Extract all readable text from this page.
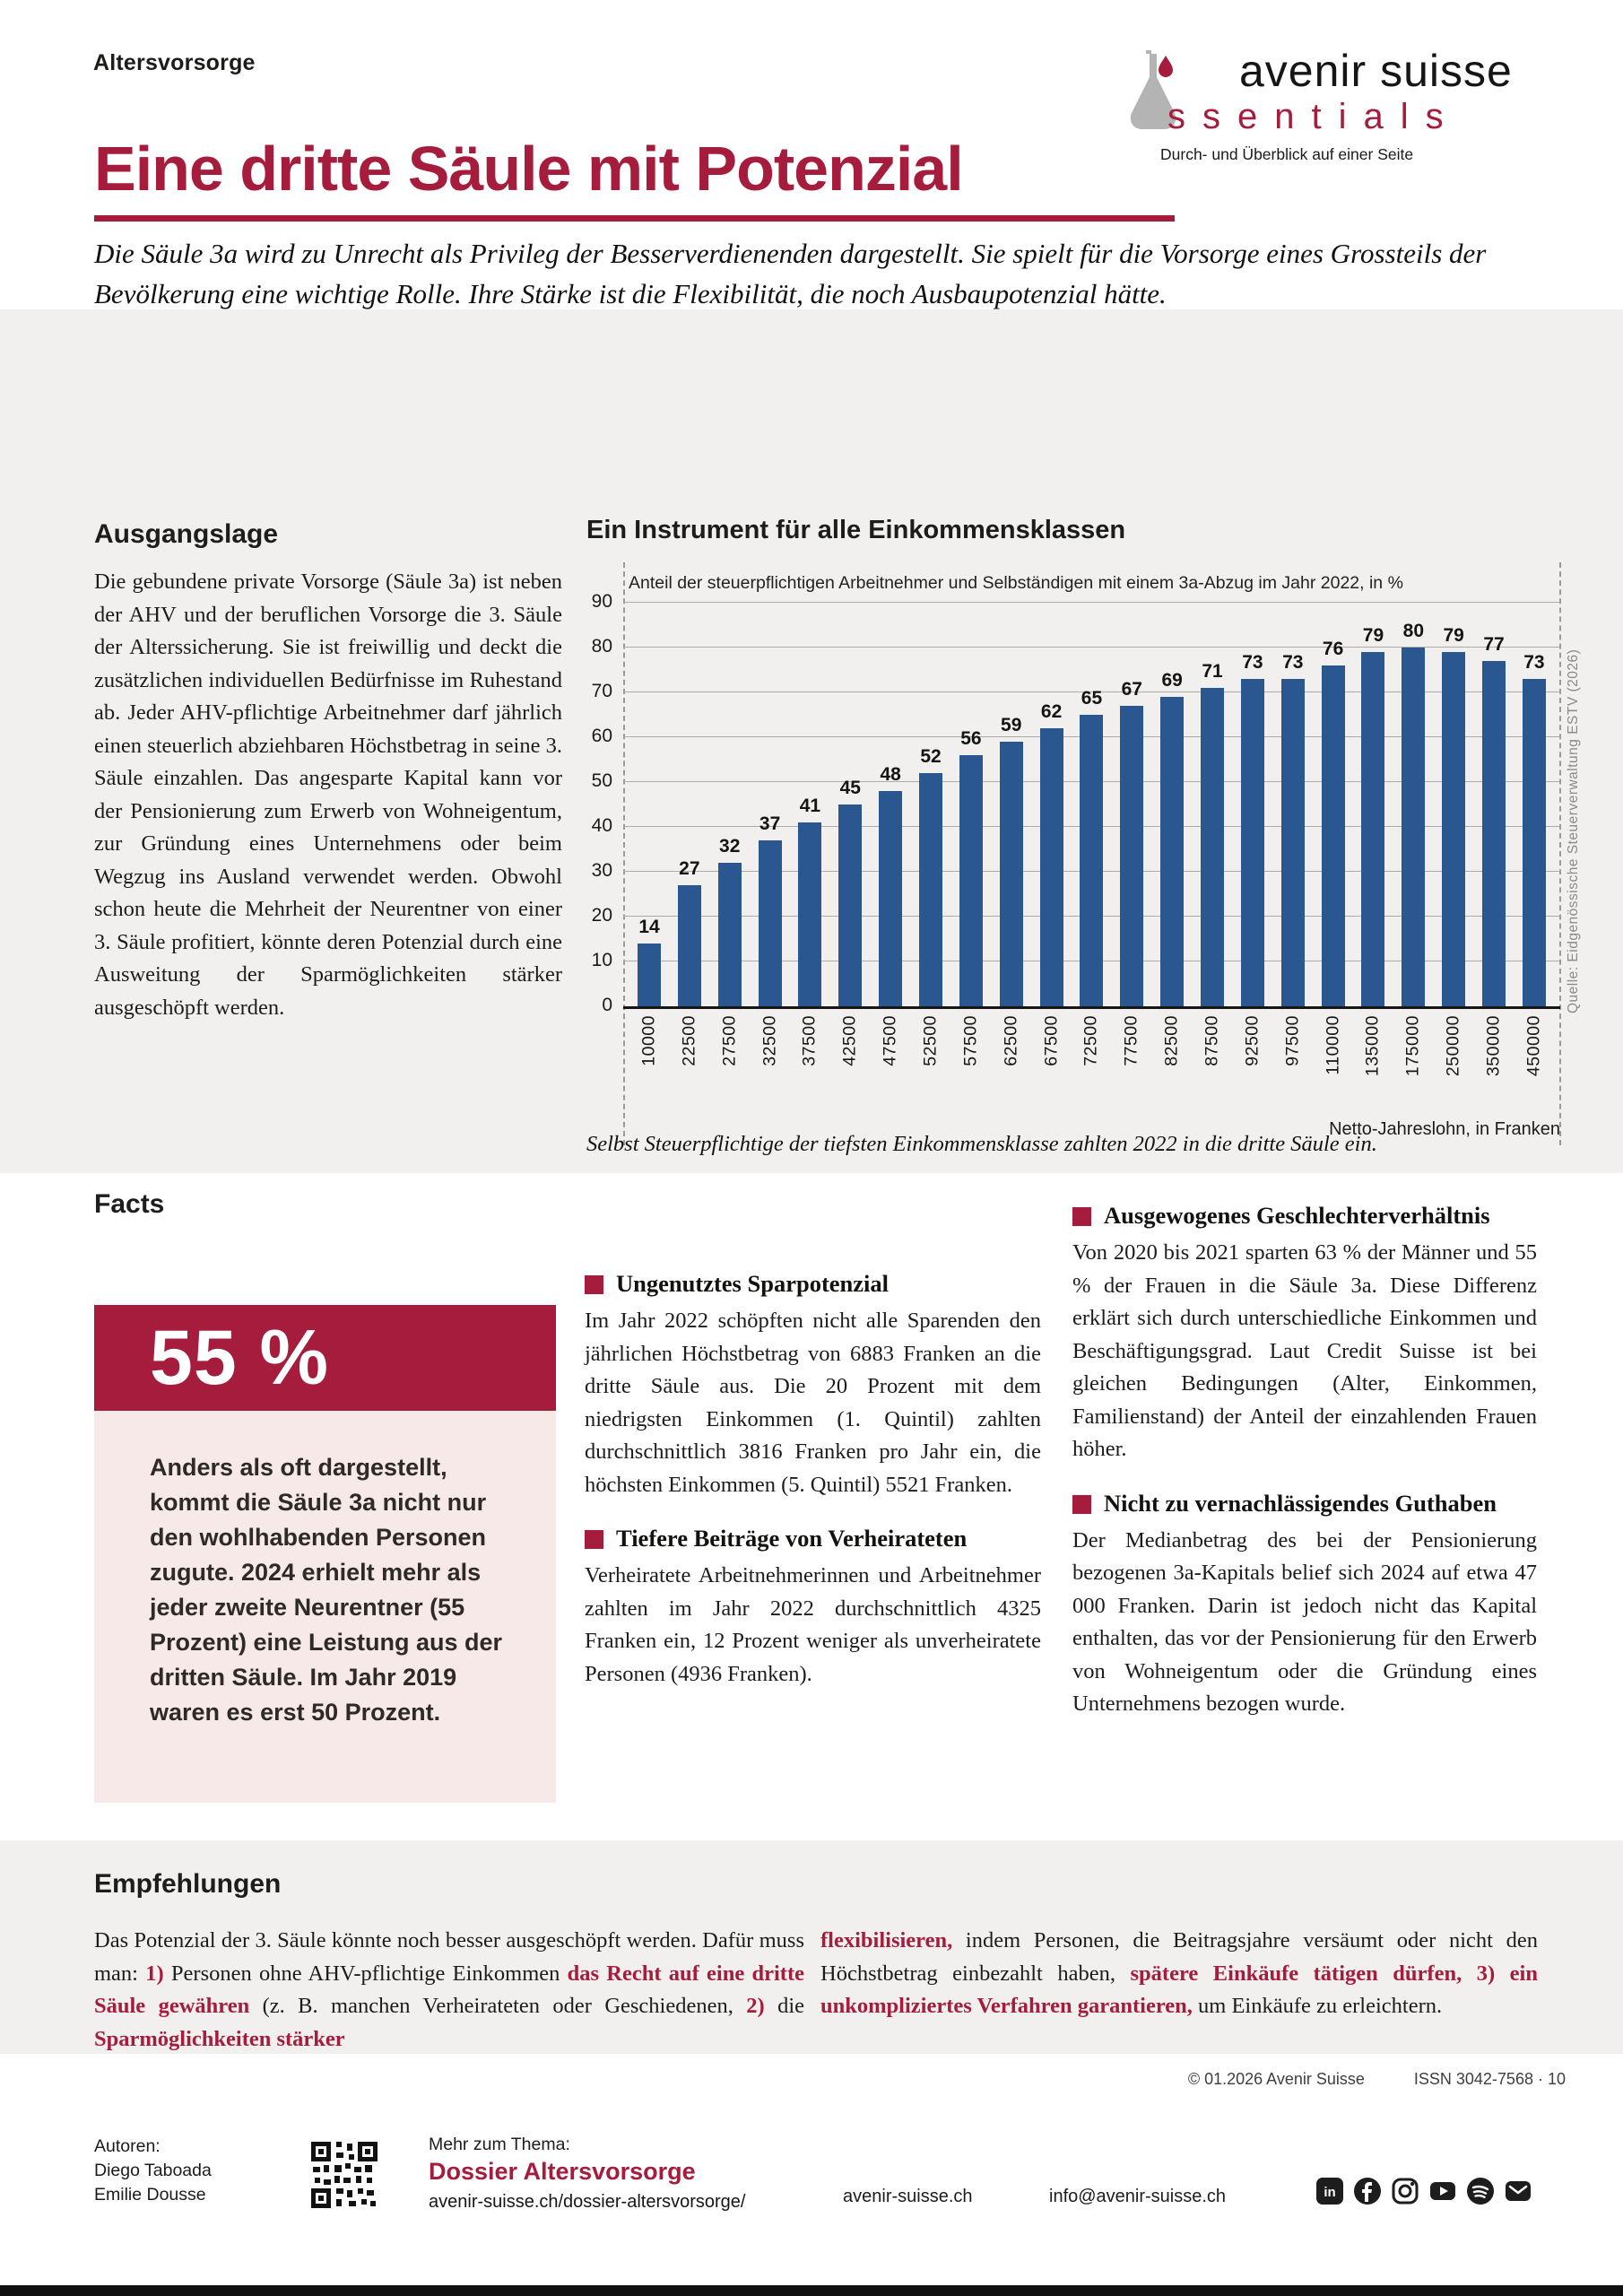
Altersvorsorge	avenir suisse
ssentials
Durch- und Überblick auf einer Seite
Eine dritte Säule mit Potenzial

Die Säule 3a wird zu Unrecht als Privileg der Besserverdienenden dargestellt. Sie spielt für die Vorsorge eines Grossteils der Bevölkerung eine wichtige Rolle. Ihre Stärke ist die Flexibilität, die noch Ausbaupotenzial hätte.

Ausgangslage

Die gebundene private Vorsorge (Säule 3a) ist neben der AHV und der beruflichen Vorsorge die 3. Säule der Alterssicherung. Sie ist freiwillig und deckt die zusätzlichen individuellen Bedürfnisse im Ruhestand ab. Jeder AHV-pflichtige Arbeitnehmer darf jährlich einen steuerlich abziehbaren Höchstbetrag in seine 3. Säule einzahlen. Das angesparte Kapital kann vor der Pensionierung zum Erwerb von Wohneigentum, zur Gründung eines Unternehmens oder beim Wegzug ins Ausland verwendet werden. Obwohl schon heute die Mehrheit der Neurentner von einer 3. Säule profitiert, könnte deren Potenzial durch eine Ausweitung der Sparmöglichkeiten stärker ausgeschöpft werden.

Ein Instrument für alle Einkommensklassen
Anteil der steuerpflichtigen Arbeitnehmer und Selbständigen mit einem 3a-Abzug im Jahr 2022, in %
0
10
20
30
40
50
60
70
80
90
14
10000
27
22500
32
27500
37
32500
41
37500
45
42500
48
47500
52
52500
56
57500
59
62500
62
67500
65
72500
67
77500
69
82500
71
87500
73
92500
73
97500
76
110000
79
135000
80
175000
79
250000
77
350000
73
450000
Netto-Jahreslohn, in Franken
Quelle: Eidgenössische Steuerverwaltung ESTV (2026)

Selbst Steuerpflichtige der tiefsten Einkommensklasse zahlten 2022 in die dritte Säule ein.

Facts
55 %
Anders als oft dargestellt, kommt die Säule 3a nicht nur den wohlhabenden Personen zugute. 2024 erhielt mehr als jeder zweite Neurentner (55 Prozent) eine Leistung aus der dritten Säule. Im Jahr 2019 waren es erst 50 Prozent.
Ungenutztes Sparpotenzial

Im Jahr 2022 schöpften nicht alle Sparenden den jährlichen Höchstbetrag von 6883 Franken an die dritte Säule aus. Die 20 Prozent mit dem niedrigsten Einkommen (1. Quintil) zahlten durchschnittlich 3816 Franken pro Jahr ein, die höchsten Einkommen (5. Quintil) 5521 Franken.

Tiefere Beiträge von Verheirateten

Verheiratete Arbeitnehmerinnen und Arbeitnehmer zahlten im Jahr 2022 durchschnittlich 4325 Franken ein, 12 Prozent weniger als unverheiratete Personen (4936 Franken).

Ausgewogenes Geschlechterverhältnis

Von 2020 bis 2021 sparten 63 % der Männer und 55 % der Frauen in die Säule 3a. Diese Differenz erklärt sich durch unterschiedliche Einkommen und Beschäftigungsgrad. Laut Credit Suisse ist bei gleichen Bedingungen (Alter, Einkommen, Familienstand) der Anteil der einzahlenden Frauen höher.

Nicht zu vernachlässigendes Guthaben

Der Medianbetrag des bei der Pensionierung bezogenen 3a-Kapitals belief sich 2024 auf etwa 47 000 Franken. Darin ist jedoch nicht das Kapital enthalten, das vor der Pensionierung für den Erwerb von Wohneigentum oder die Gründung eines Unternehmens bezogen wurde.

Empfehlungen

Das Potenzial der 3. Säule könnte noch besser ausgeschöpft werden. Dafür muss man: 1) Personen ohne AHV-pflichtige Einkommen das Recht auf eine dritte Säule gewähren (z. B. manchen Verheirateten oder Geschiedenen, 2) die Sparmöglichkeiten stärker

flexibilisieren, indem Personen, die Beitragsjahre versäumt oder nicht den Höchstbetrag einbezahlt haben, spätere Einkäufe tätigen dürfen, 3) ein unkompliziertes Verfahren garantieren, um Einkäufe zu erleichtern.

© 01.2026 Avenir Suisse	ISSN 3042-7568 · 10
Autoren:
Diego Taboada
Emilie Dousse
Mehr zum Thema:
Dossier Altersvorsorge
avenir-suisse.ch/dossier-altersvorsorge/	avenir-suisse.ch	info@avenir-suisse.ch	in
